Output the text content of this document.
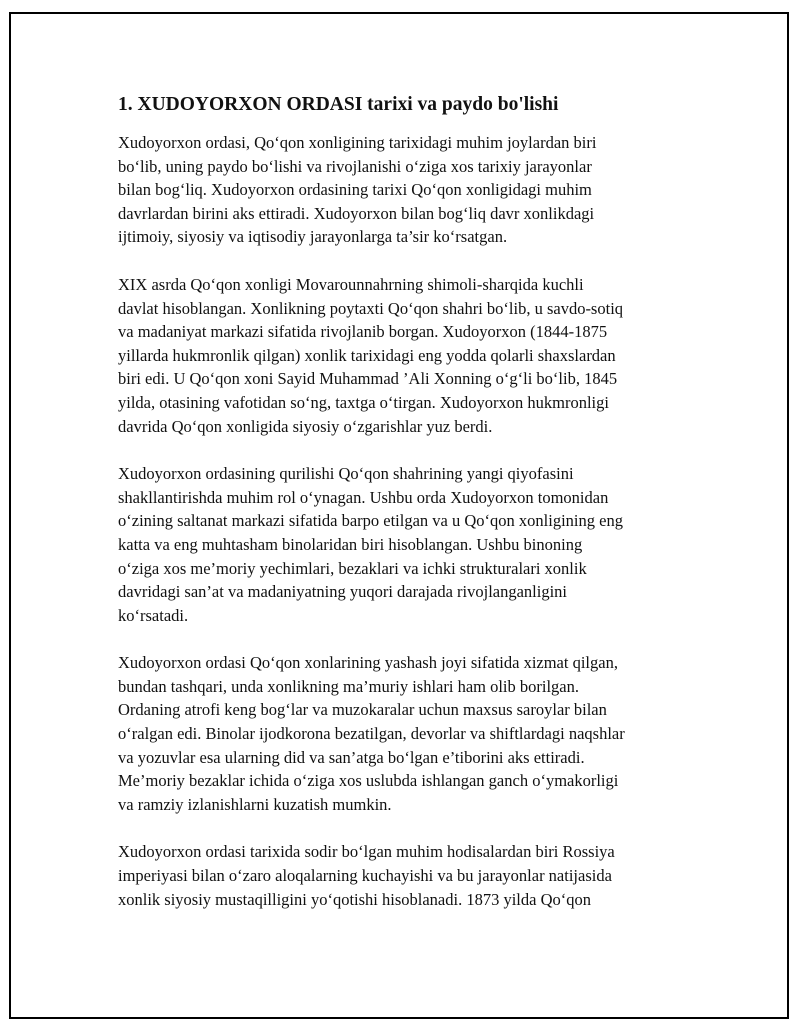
1. XUDOYORXON ORDASI tarixi va paydo bo'lishi

Xudoyorxon ordasi, Qo‘qon xonligining tarixidagi muhim joylardan biri
bo‘lib, uning paydo bo‘lishi va rivojlanishi o‘ziga xos tarixiy jarayonlar
bilan bog‘liq. Xudoyorxon ordasining tarixi Qo‘qon xonligidagi muhim
davrlardan birini aks ettiradi. Xudoyorxon bilan bog‘liq davr xonlikdagi
ijtimoiy, siyosiy va iqtisodiy jarayonlarga ta’sir ko‘rsatgan.

XIX asrda Qo‘qon xonligi Movarounnahrning shimoli-sharqida kuchli
davlat hisoblangan. Xonlikning poytaxti Qo‘qon shahri bo‘lib, u savdo-sotiq
va madaniyat markazi sifatida rivojlanib borgan. Xudoyorxon (1844-1875
yillarda hukmronlik qilgan) xonlik tarixidagi eng yodda qolarli shaxslardan
biri edi. U Qo‘qon xoni Sayid Muhammad ’Ali Xonning o‘g‘li bo‘lib, 1845
yilda, otasining vafotidan so‘ng, taxtga o‘tirgan. Xudoyorxon hukmronligi
davrida Qo‘qon xonligida siyosiy o‘zgarishlar yuz berdi.

Xudoyorxon ordasining qurilishi Qo‘qon shahrining yangi qiyofasini
shakllantirishda muhim rol o‘ynagan. Ushbu orda Xudoyorxon tomonidan
o‘zining saltanat markazi sifatida barpo etilgan va u Qo‘qon xonligining eng
katta va eng muhtasham binolaridan biri hisoblangan. Ushbu binoning
o‘ziga xos me’moriy yechimlari, bezaklari va ichki strukturalari xonlik
davridagi san’at va madaniyatning yuqori darajada rivojlanganligini
ko‘rsatadi.

Xudoyorxon ordasi Qo‘qon xonlarining yashash joyi sifatida xizmat qilgan,
bundan tashqari, unda xonlikning ma’muriy ishlari ham olib borilgan.
Ordaning atrofi keng bog‘lar va muzokaralar uchun maxsus saroylar bilan
o‘ralgan edi. Binolar ijodkorona bezatilgan, devorlar va shiftlardagi naqshlar
va yozuvlar esa ularning did va san’atga bo‘lgan e’tiborini aks ettiradi.
Me’moriy bezaklar ichida o‘ziga xos uslubda ishlangan ganch o‘ymakorligi
va ramziy izlanishlarni kuzatish mumkin.

Xudoyorxon ordasi tarixida sodir bo‘lgan muhim hodisalardan biri Rossiya
imperiyasi bilan o‘zaro aloqalarning kuchayishi va bu jarayonlar natijasida
xonlik siyosiy mustaqilligini yo‘qotishi hisoblanadi. 1873 yilda Qo‘qon
